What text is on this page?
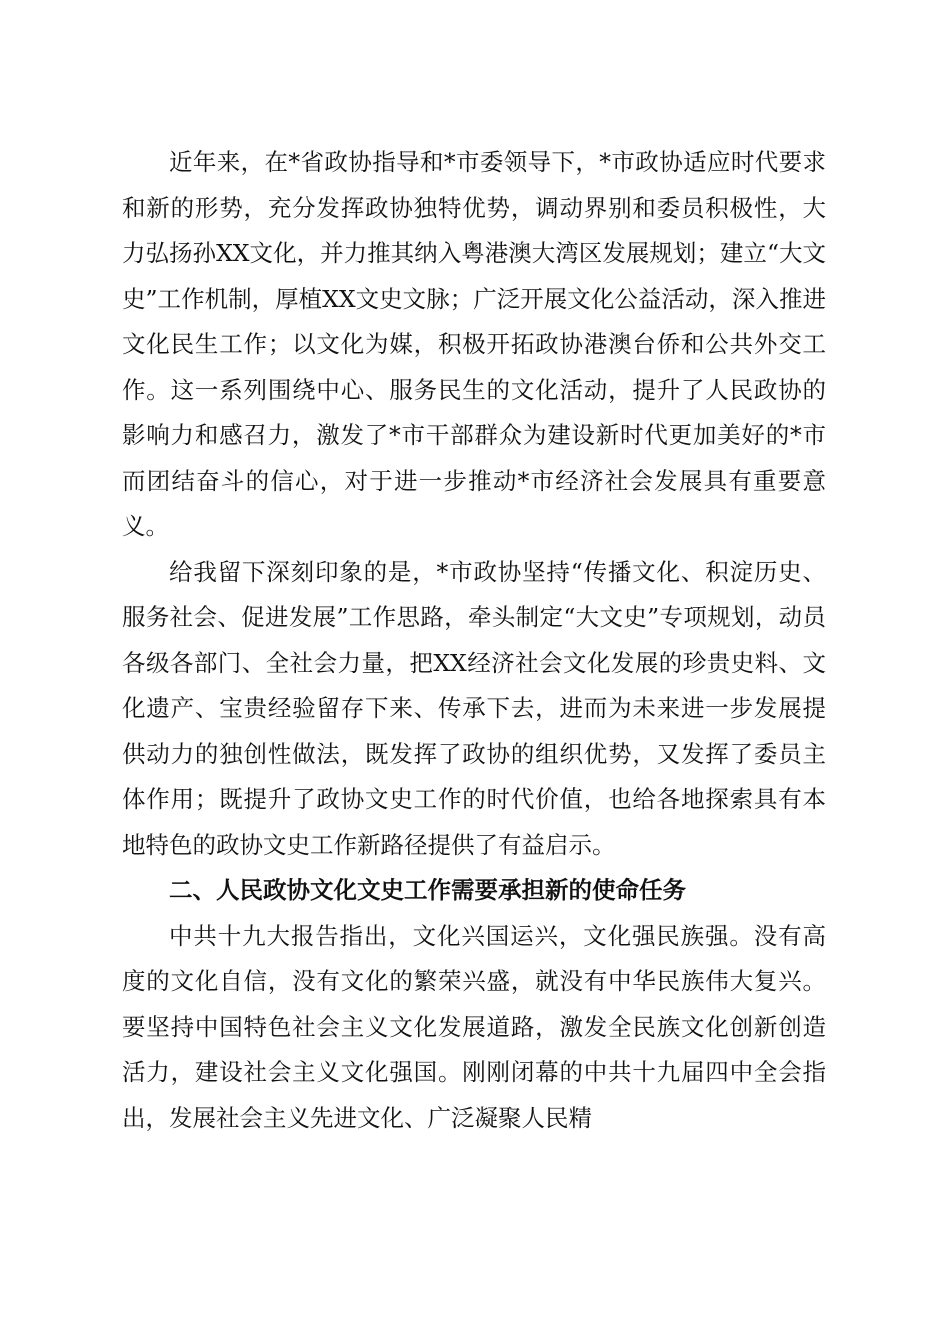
近年来，在*省政协指导和*市委领导下，*市政协适应时代要求和新的形势，充分发挥政协独特优势，调动界别和委员积极性，大力弘扬孙XX文化，并力推其纳入粤港澳大湾区发展规划；建立“大文史”工作机制，厚植XX文史文脉；广泛开展文化公益活动，深入推进文化民生工作；以文化为媒，积极开拓政协港澳台侨和公共外交工作。这一系列围绕中心、服务民生的文化活动，提升了人民政协的影响力和感召力，激发了*市干部群众为建设新时代更加美好的*市而团结奋斗的信心，对于进一步推动*市经济社会发展具有重要意义。

给我留下深刻印象的是，*市政协坚持“传播文化、积淀历史、服务社会、促进发展”工作思路，牵头制定“大文史”专项规划，动员各级各部门、全社会力量，把XX经济社会文化发展的珍贵史料、文化遗产、宝贵经验留存下来、传承下去，进而为未来进一步发展提供动力的独创性做法，既发挥了政协的组织优势，又发挥了委员主体作用；既提升了政协文史工作的时代价值，也给各地探索具有本地特色的政协文史工作新路径提供了有益启示。

二、人民政协文化文史工作需要承担新的使命任务

中共十九大报告指出，文化兴国运兴，文化强民族强。没有高度的文化自信，没有文化的繁荣兴盛，就没有中华民族伟大复兴。要坚持中国特色社会主义文化发展道路，激发全民族文化创新创造活力，建设社会主义文化强国。刚刚闭幕的中共十九届四中全会指出，发展社会主义先进文化、广泛凝聚人民精
